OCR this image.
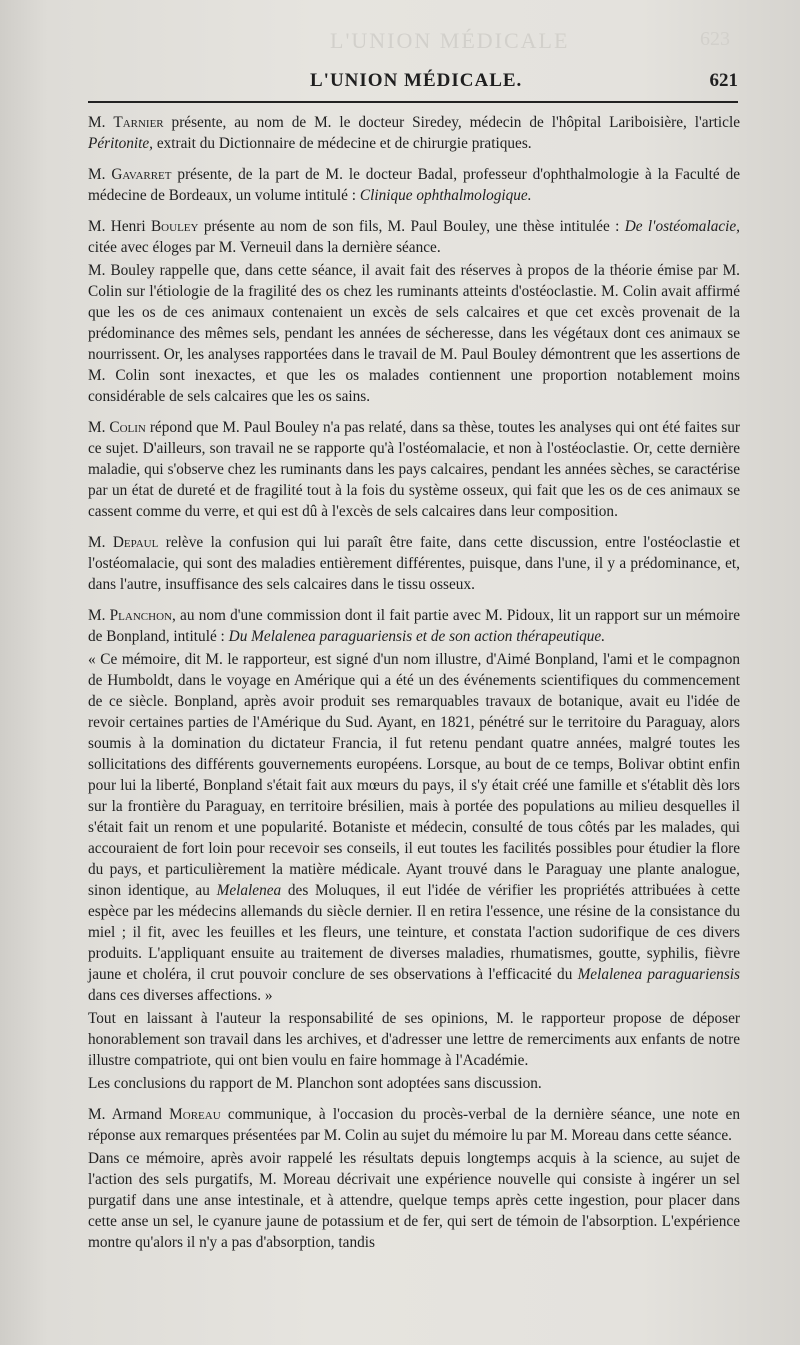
L'UNION MÉDICALE	623
L'UNION MÉDICALE.	621

M. Tarnier présente, au nom de M. le docteur Siredey, médecin de l'hôpital Lariboisière, l'article Péritonite, extrait du Dictionnaire de médecine et de chirurgie pratiques.

M. Gavarret présente, de la part de M. le docteur Badal, professeur d'ophthalmologie à la Faculté de médecine de Bordeaux, un volume intitulé : Clinique ophthalmologique.

M. Henri Bouley présente au nom de son fils, M. Paul Bouley, une thèse intitulée : De l'ostéomalacie, citée avec éloges par M. Verneuil dans la dernière séance.

M. Bouley rappelle que, dans cette séance, il avait fait des réserves à propos de la théorie émise par M. Colin sur l'étiologie de la fragilité des os chez les ruminants atteints d'ostéoclastie. M. Colin avait affirmé que les os de ces animaux contenaient un excès de sels calcaires et que cet excès provenait de la prédominance des mêmes sels, pendant les années de sécheresse, dans les végétaux dont ces animaux se nourrissent. Or, les analyses rapportées dans le travail de M. Paul Bouley démontrent que les assertions de M. Colin sont inexactes, et que les os malades contiennent une proportion notablement moins considérable de sels calcaires que les os sains.

M. Colin répond que M. Paul Bouley n'a pas relaté, dans sa thèse, toutes les analyses qui ont été faites sur ce sujet. D'ailleurs, son travail ne se rapporte qu'à l'ostéomalacie, et non à l'ostéoclastie. Or, cette dernière maladie, qui s'observe chez les ruminants dans les pays calcaires, pendant les années sèches, se caractérise par un état de dureté et de fragilité tout à la fois du système osseux, qui fait que les os de ces animaux se cassent comme du verre, et qui est dû à l'excès de sels calcaires dans leur composition.

M. Depaul relève la confusion qui lui paraît être faite, dans cette discussion, entre l'ostéoclastie et l'ostéomalacie, qui sont des maladies entièrement différentes, puisque, dans l'une, il y a prédominance, et, dans l'autre, insuffisance des sels calcaires dans le tissu osseux.

M. Planchon, au nom d'une commission dont il fait partie avec M. Pidoux, lit un rapport sur un mémoire de Bonpland, intitulé : Du Melalenea paraguariensis et de son action thérapeutique.

« Ce mémoire, dit M. le rapporteur, est signé d'un nom illustre, d'Aimé Bonpland, l'ami et le compagnon de Humboldt, dans le voyage en Amérique qui a été un des événements scientifiques du commencement de ce siècle. Bonpland, après avoir produit ses remarquables travaux de botanique, avait eu l'idée de revoir certaines parties de l'Amérique du Sud. Ayant, en 1821, pénétré sur le territoire du Paraguay, alors soumis à la domination du dictateur Francia, il fut retenu pendant quatre années, malgré toutes les sollicitations des différents gouvernements européens. Lorsque, au bout de ce temps, Bolivar obtint enfin pour lui la liberté, Bonpland s'était fait aux mœurs du pays, il s'y était créé une famille et s'établit dès lors sur la frontière du Paraguay, en territoire brésilien, mais à portée des populations au milieu desquelles il s'était fait un renom et une popularité. Botaniste et médecin, consulté de tous côtés par les malades, qui accouraient de fort loin pour recevoir ses conseils, il eut toutes les facilités possibles pour étudier la flore du pays, et particulièrement la matière médicale. Ayant trouvé dans le Paraguay une plante analogue, sinon identique, au Melalenea des Moluques, il eut l'idée de vérifier les propriétés attribuées à cette espèce par les médecins allemands du siècle dernier. Il en retira l'essence, une résine de la consistance du miel ; il fit, avec les feuilles et les fleurs, une teinture, et constata l'action sudorifique de ces divers produits. L'appliquant ensuite au traitement de diverses maladies, rhumatismes, goutte, syphilis, fièvre jaune et choléra, il crut pouvoir conclure de ses observations à l'efficacité du Melalenea paraguariensis dans ces diverses affections. »

Tout en laissant à l'auteur la responsabilité de ses opinions, M. le rapporteur propose de déposer honorablement son travail dans les archives, et d'adresser une lettre de remerciments aux enfants de notre illustre compatriote, qui ont bien voulu en faire hommage à l'Académie.

Les conclusions du rapport de M. Planchon sont adoptées sans discussion.

M. Armand Moreau communique, à l'occasion du procès-verbal de la dernière séance, une note en réponse aux remarques présentées par M. Colin au sujet du mémoire lu par M. Moreau dans cette séance.

Dans ce mémoire, après avoir rappelé les résultats depuis longtemps acquis à la science, au sujet de l'action des sels purgatifs, M. Moreau décrivait une expérience nouvelle qui consiste à ingérer un sel purgatif dans une anse intestinale, et à attendre, quelque temps après cette ingestion, pour placer dans cette anse un sel, le cyanure jaune de potassium et de fer, qui sert de témoin de l'absorption. L'expérience montre qu'alors il n'y a pas d'absorption, tandis
